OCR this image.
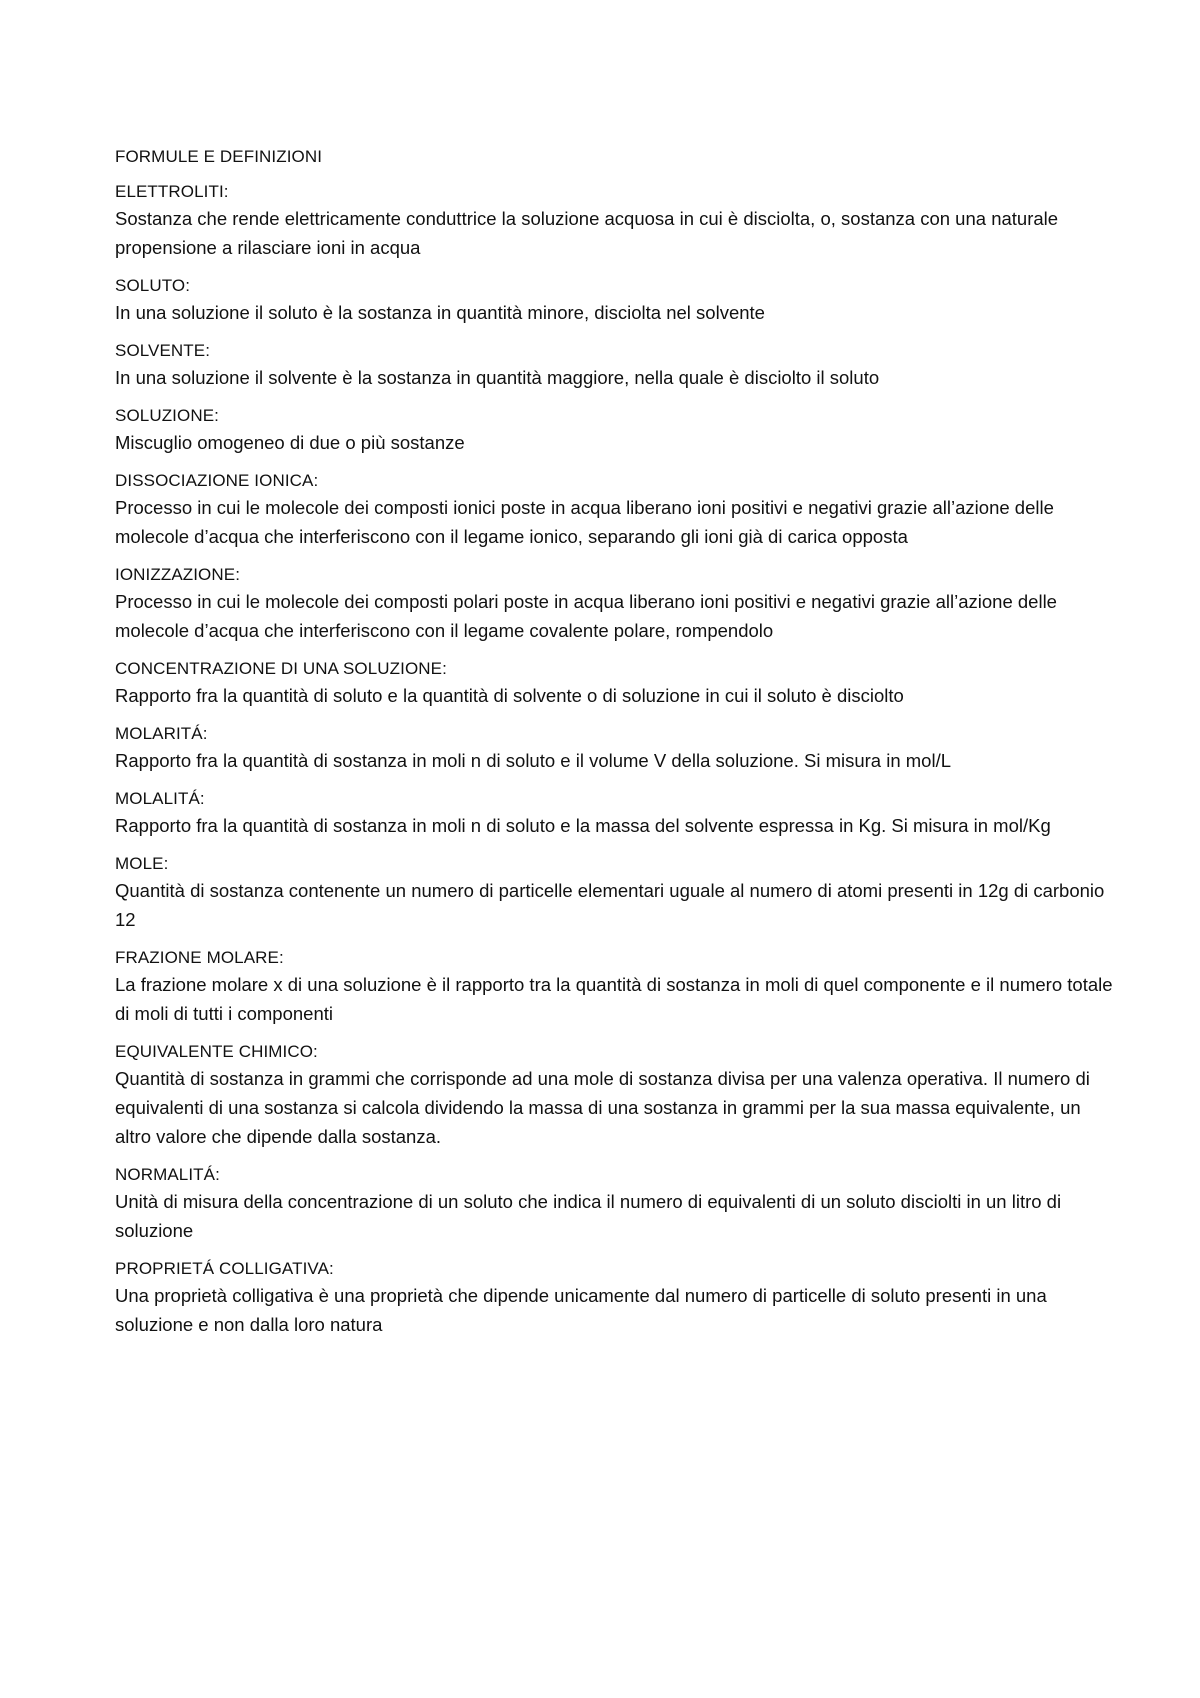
FORMULE E DEFINIZIONI

ELETTROLITI:

Sostanza che rende elettricamente conduttrice la soluzione acquosa in cui è disciolta, o, sostanza con una naturale propensione a rilasciare ioni in acqua

SOLUTO:

In una soluzione il soluto è la sostanza in quantità minore, disciolta nel solvente

SOLVENTE:

In una soluzione il solvente è la sostanza in quantità maggiore, nella quale è disciolto il soluto

SOLUZIONE:

Miscuglio omogeneo di due o più sostanze

DISSOCIAZIONE IONICA:

Processo in cui le molecole dei composti ionici poste in acqua liberano ioni positivi e negativi grazie all’azione delle molecole d’acqua che interferiscono con il legame ionico, separando gli ioni già di carica opposta

IONIZZAZIONE:

Processo in cui le molecole dei composti polari poste in acqua liberano ioni positivi e negativi grazie all’azione delle molecole d’acqua che interferiscono con il legame covalente polare, rompendolo

CONCENTRAZIONE DI UNA SOLUZIONE:

Rapporto fra la quantità di soluto e la quantità di solvente o di soluzione in cui il soluto è disciolto

MOLARITÁ:

Rapporto fra la quantità di sostanza in moli n di soluto e il volume V della soluzione. Si misura in mol/L

MOLALITÁ:

Rapporto fra la quantità di sostanza in moli n di soluto e la massa del solvente espressa in Kg. Si misura in mol/Kg

MOLE:

Quantità di sostanza contenente un numero di particelle elementari uguale al numero di atomi presenti in 12g di carbonio 12

FRAZIONE MOLARE:

La frazione molare x di una soluzione è il rapporto tra la quantità di sostanza in moli di quel componente e il numero totale di moli di tutti i componenti

EQUIVALENTE CHIMICO:

Quantità di sostanza in grammi che corrisponde ad una mole di sostanza divisa per una valenza operativa. Il numero di equivalenti di una sostanza si calcola dividendo la massa di una sostanza in grammi per la sua massa equivalente, un altro valore che dipende dalla sostanza.

NORMALITÁ:

Unità di misura della concentrazione di un soluto che indica il numero di equivalenti di un soluto disciolti in un litro di soluzione

PROPRIETÁ COLLIGATIVA:

Una proprietà colligativa è una proprietà che dipende unicamente dal numero di particelle di soluto presenti in una soluzione e non dalla loro natura
